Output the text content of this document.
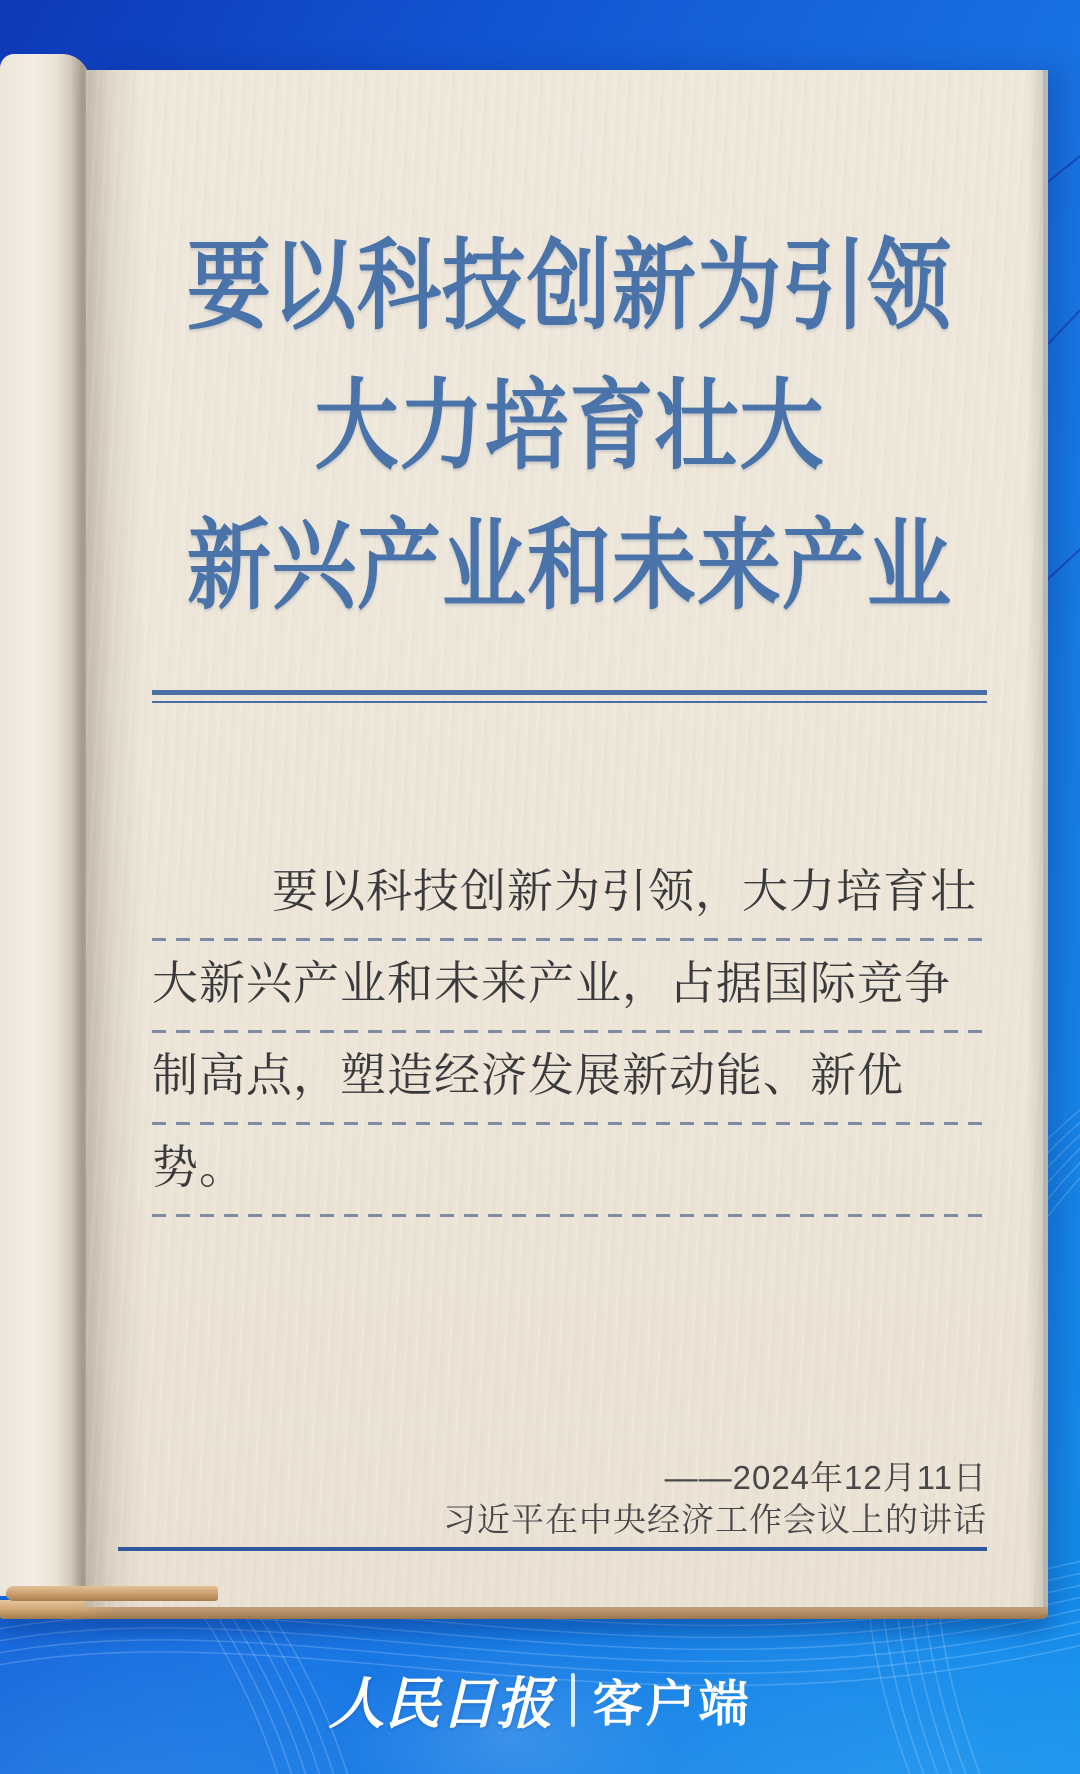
要以科技创新为引领
大力培育壮大
新兴产业和未来产业
要以科技创新为引领，大力培育壮
大新兴产业和未来产业，占据国际竞争
制高点，塑造经济发展新动能、新优
势。
——2024年12月11日
习近平在中央经济工作会议上的讲话
人民日报 客户端
